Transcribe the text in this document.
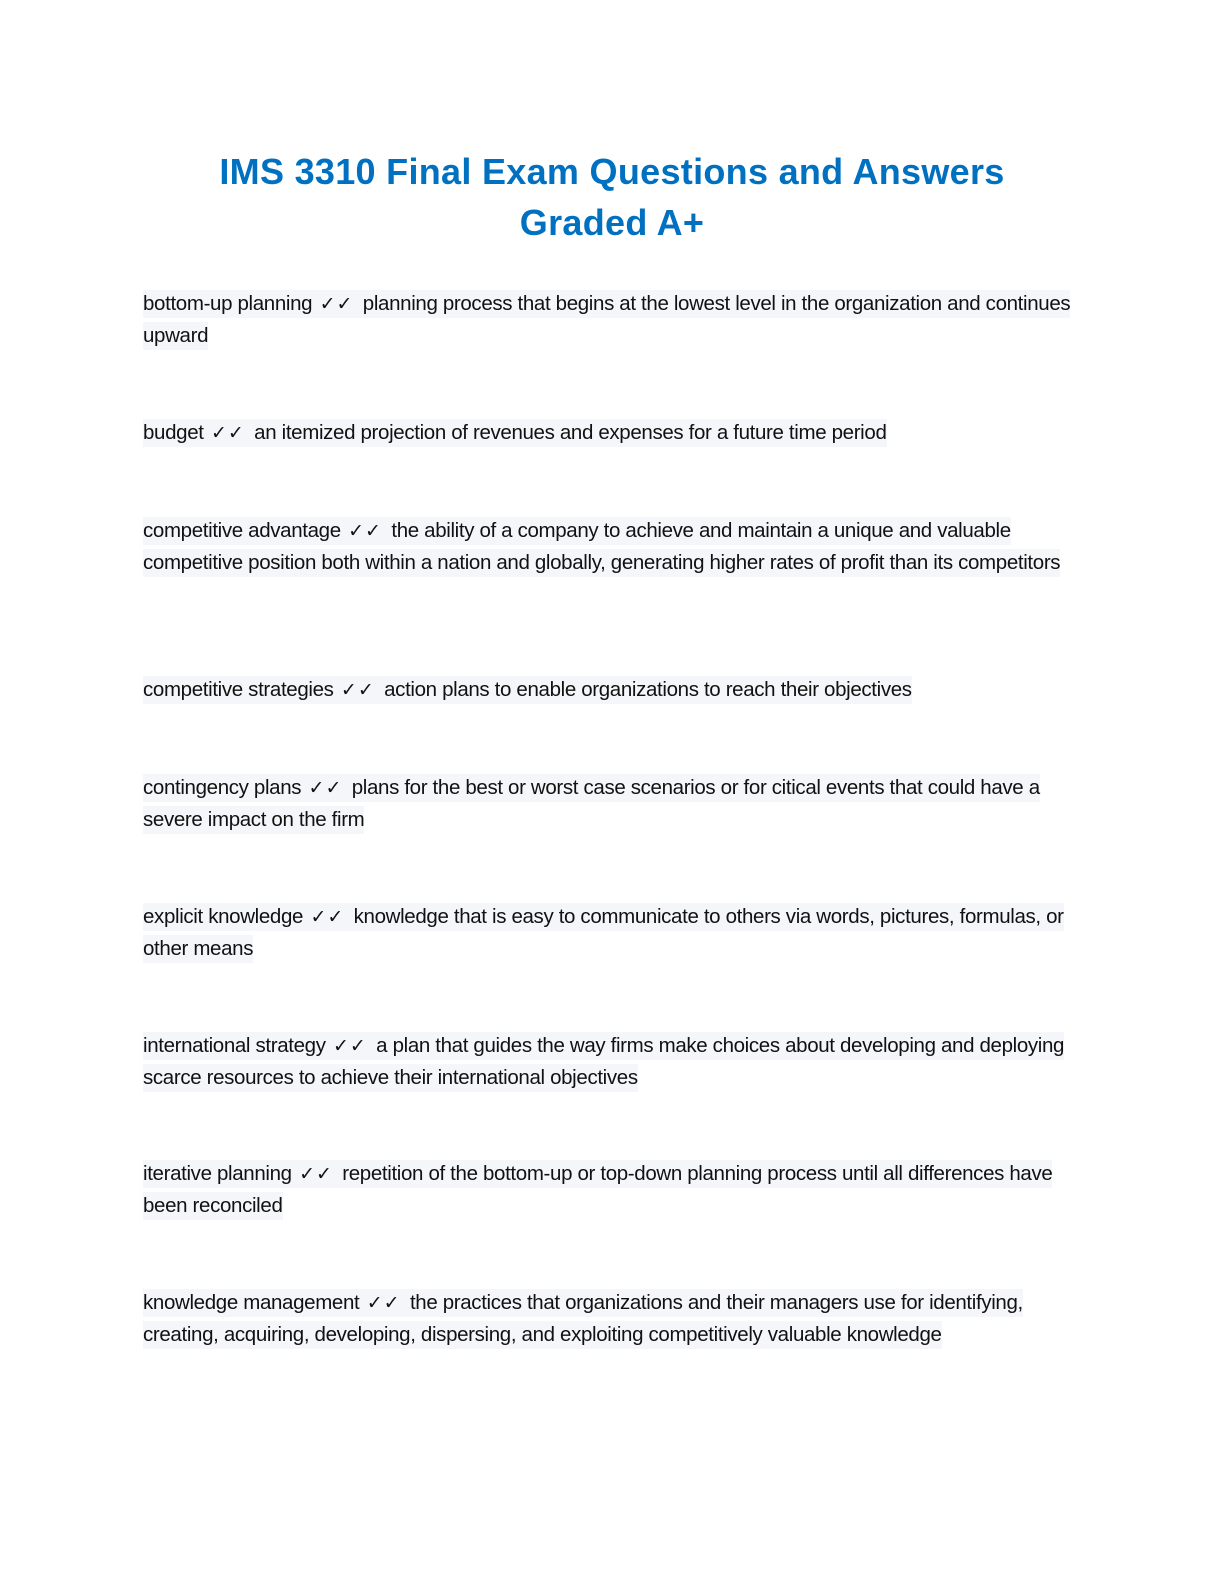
IMS 3310 Final Exam Questions and Answers
Graded A+
bottom-up planning ✓✓ planning process that begins at the lowest level in the organization and continues upward
budget ✓✓ an itemized projection of revenues and expenses for a future time period
competitive advantage ✓✓ the ability of a company to achieve and maintain a unique and valuable competitive position both within a nation and globally, generating higher rates of profit than its competitors
competitive strategies ✓✓ action plans to enable organizations to reach their objectives
contingency plans ✓✓ plans for the best or worst case scenarios or for citical events that could have a severe impact on the firm
explicit knowledge ✓✓ knowledge that is easy to communicate to others via words, pictures, formulas, or other means
international strategy ✓✓ a plan that guides the way firms make choices about developing and deploying scarce resources to achieve their international objectives
iterative planning ✓✓ repetition of the bottom-up or top-down planning process until all differences have been reconciled
knowledge management ✓✓ the practices that organizations and their managers use for identifying, creating, acquiring, developing, dispersing, and exploiting competitively valuable knowledge
